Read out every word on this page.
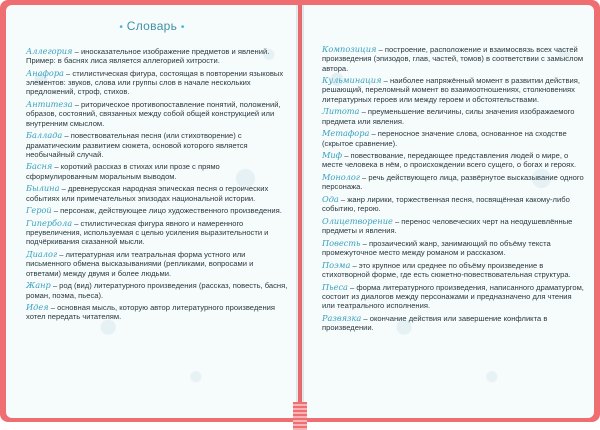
• Словарь •
Аллегория – иносказательное изображение предметов и явлений. Пример: в баснях лиса является аллегорией хитрости.
Анафора – стилистическая фигура, состоящая в повторении языковых элементов: звуков, слова или группы слов в начале нескольких предложений, строф, стихов.
Антитеза – риторическое противопоставление понятий, положений, образов, состояний, связанных между собой общей конструкцией или внутренним смыслом.
Баллада – повествовательная песня (или стихотворение) с драматическим развитием сюжета, основой которого является необычайный случай.
Басня – короткий рассказ в стихах или прозе с прямо сформулированным моральным выводом.
Былина – древнерусская народная эпическая песня о героических событиях или примечательных эпизодах национальной истории.
Герой – персонаж, действующее лицо художественного произведения.
Гипербола – стилистическая фигура явного и намеренного преувеличения, используемая с целью усиления выразительности и подчёркивания сказанной мысли.
Диалог – литературная или театральная форма устного или письменного обмена высказываниями (репликами, вопросами и ответами) между двумя и более людьми.
Жанр – род (вид) литературного произведения (рассказ, повесть, басня, роман, поэма, пьеса).
Идея – основная мысль, которую автор литературного произведения хотел передать читателям.
Композиция – построение, расположение и взаимосвязь всех частей произведения (эпизодов, глав, частей, томов) в соответствии с замыслом автора.
Кульминация – наиболее напряжённый момент в развитии действия, решающий, переломный момент во взаимоотношениях, столкновениях литературных героев или между героем и обстоятельствами.
Литота – преуменьшение величины, силы значения изображаемого предмета или явления.
Метафора – переносное значение слова, основанное на сходстве (скрытое сравнение).
Миф – повествование, передающее представления людей о мире, о месте человека в нём, о происхождении всего сущего, о богах и героях.
Монолог – речь действующего лица, развёрнутое высказывание одного персонажа.
Ода – жанр лирики, торжественная песня, посвящённая какому-либо событию, герою.
Олицетворение – перенос человеческих черт на неодушевлённые предметы и явления.
Повесть – прозаический жанр, занимающий по объёму текста промежуточное место между романом и рассказом.
Поэма – это крупное или среднее по объёму произведение в стихотворной форме, где есть сюжетно-повествовательная структура.
Пьеса – форма литературного произведения, написанного драматургом, состоит из диалогов между персонажами и предназначено для чтения или театрального исполнения.
Развязка – окончание действия или завершение конфликта в произведении.
